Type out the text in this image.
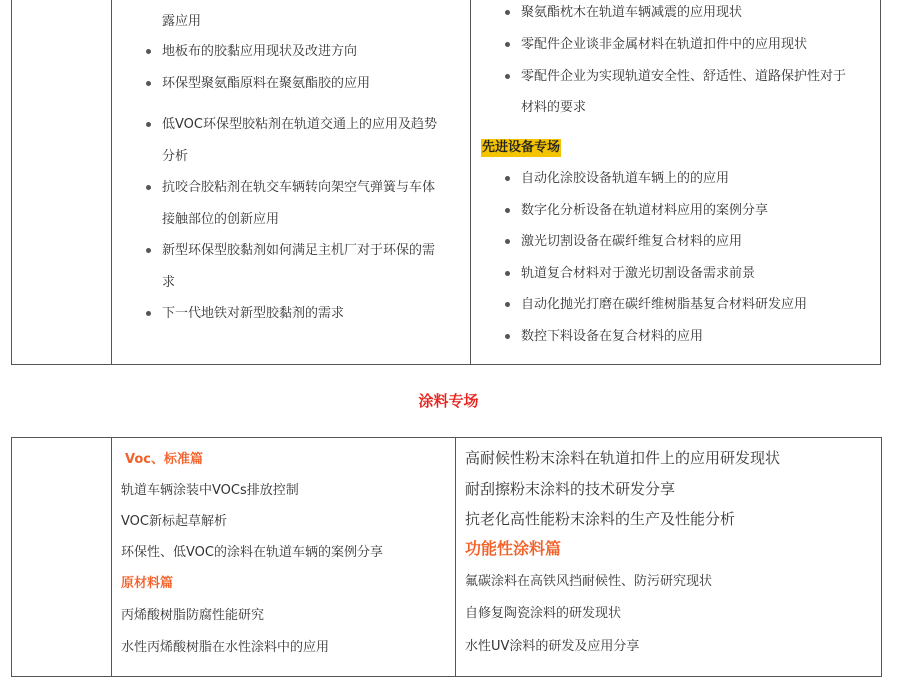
露应用
地板布的胶黏应用现状及改进方向
环保型聚氨酯原料在聚氨酯胶的应用
低VOC环保型胶粘剂在轨道交通上的应用及趋势
抗咬合胶粘剂在轨交车辆转向架空气弹簧与车体
新型环保型胶黏剂如何满足主机厂对于环保的需
下一代地铁对新型胶黏剂的需求
分析
接触部位的创新应用
求
聚氨酯枕木在轨道车辆减震的应用现状
零配件企业谈非金属材料在轨道扣件中的应用现状
零配件企业为实现轨道安全性、舒适性、道路保护性对于
材料的要求
先进设备专场
自动化涂胶设备轨道车辆上的的应用
数字化分析设备在轨道材料应用的案例分享
激光切割设备在碳纤维复合材料的应用
轨道复合材料对于激光切割设备需求前景
自动化抛光打磨在碳纤维树脂基复合材料研发应用
数控下料设备在复合材料的应用
涂料专场
Voc、标准篇
轨道车辆涂装中VOCs排放控制
VOC新标起草解析
环保性、低VOC的涂料在轨道车辆的案例分享
原材料篇
丙烯酸树脂防腐性能研究
水性丙烯酸树脂在水性涂料中的应用
高耐候性粉末涂料在轨道扣件上的应用研发现状
耐刮擦粉末涂料的技术研发分享
抗老化高性能粉末涂料的生产及性能分析
功能性涂料篇
氟碳涂料在高铁风挡耐候性、防污研究现状
自修复陶瓷涂料的研发现状
水性UV涂料的研发及应用分享
